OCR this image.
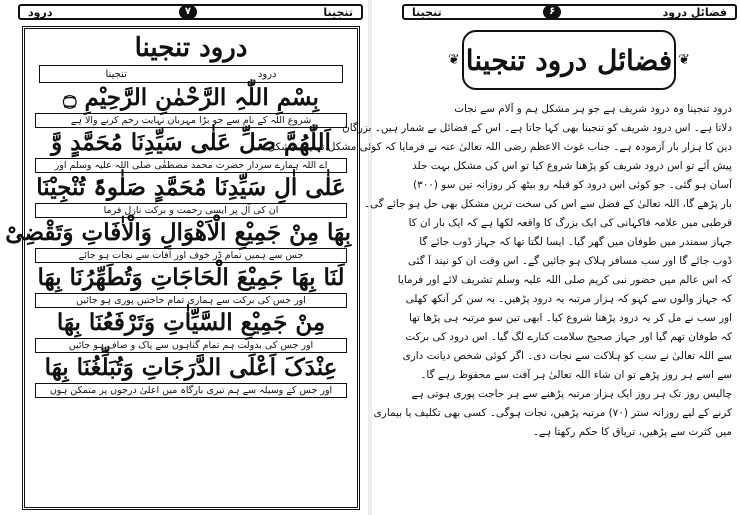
تنجینا
۷
درود
درود تنجینا
درود
تنجینا
بِسْمِ اللّٰہِ الرَّحْمٰنِ الرَّحِیْمِ ۝
شروع اللہ کے نام سے جو بڑا مہربان نہایت رحم کرنے والا ہے
اَللّٰھُمَّ صَلِّ عَلٰی سَیِّدِنَا مُحَمَّدٍ وَّ
اے اللہ ہمارے سردار حضرت محمد مصطفٰی صلی اللہ علیہ وسلم اور
عَلٰی اٰلِ سَیِّدِنَا مُحَمَّدٍ صَلٰوۃً تُنْجِیْنَا
ان کی آل پر ایسی رحمت و برکت نازل فرما
بِھَا مِنْ جَمِیْعِ الْاَھْوَالِ وَالْاٰفَاتِ وَتَقْضِیْ
جس سے ہمیں تمام ڈر خوف اور آفات سے نجات ہو جائے
لَنَا بِھَا جَمِیْعَ الْحَاجَاتِ وَتُطَھِّرُنَا بِھَا
اور جس کی برکت سے ہماری تمام حاجتیں پوری ہو جائیں
مِنْ جَمِیْعِ السَّیِّاٰتِ وَتَرْفَعُنَا بِھَا
اور جس کی بدولت ہم تمام گناہوں سے پاک و صاف ہو جائیں
عِنْدَکَ اَعْلَی الدَّرَجَاتِ وَتُبَلِّغُنَا بِھَا
اور جس کے وسیلہ سے ہم تیری بارگاہ میں اعلیٰ درجوں پر متمکن ہوں
فضائل درود
۶
تنجینا
❦
فضائل درود تنجینا
❦

درود تنجینا وہ درود شریف ہے جو ہر مشکل ہم و آلام سے نجات

دلاتا ہے۔ اس درود شریف کو تنجینا بھی کہا جاتا ہے۔ اس کے فضائل بے شمار ہیں۔ بزرگان

دین کا ہزار بار آزمودہ ہے۔ جناب غوث الاعظم رضی اللہ تعالیٰ عنہ نے فرمایا کہ کوئی مشکل نہایت مشکل

پیش آئے تو اس درود شریف کو پڑھنا شروع کیا تو اس کی مشکل بہت جلد

آسان ہو گئی۔ جو کوئی اس درود کو قبلہ رو بیٹھ کر روزانہ تین سو (۳۰۰)

بار پڑھے گا، اللہ تعالیٰ کے فضل سے اس کی سخت ترین مشکل بھی حل ہو جائے گی۔

قرطبی میں علامہ فاکہانی کی ایک بزرگ کا واقعہ لکھا ہے کہ ایک بار ان کا

جہاز سمندر میں طوفان میں گھر گیا۔ ایسا لگتا تھا کہ جہاز ڈوب جائے گا

ڈوب جائے گا اور سب مسافر ہلاک ہو جائیں گے۔ اس وقت ان کو نیند آ گئی

کہ اس عالم میں حضور نبی کریم صلی اللہ علیہ وسلم تشریف لائے اور فرمایا

کہ جہاز والوں سے کہو کہ ہزار مرتبہ یہ درود پڑھیں۔ یہ سن کر آنکھ کھلی

اور سب نے مل کر یہ درود پڑھنا شروع کیا۔ ابھی تین سو مرتبہ ہی پڑھا تھا

کہ طوفان تھم گیا اور جہاز صحیح سلامت کنارے لگ گیا۔ اس درود کی برکت

سے اللہ تعالیٰ نے سب کو ہلاکت سے نجات دی۔ اگر کوئی شخص دیانت داری

سے اسے ہر روز پڑھے تو ان شاء اللہ تعالیٰ ہر آفت سے محفوظ رہے گا۔

چالیس روز تک ہر روز ایک ہزار مرتبہ پڑھنے سے ہر حاجت پوری ہوتی ہے

کرنے کے لیے روزانہ ستر (۷۰) مرتبہ پڑھیں، نجات ہوگی۔ کسی بھی تکلیف یا بیماری

میں کثرت سے پڑھیں، تریاق کا حکم رکھتا ہے۔
